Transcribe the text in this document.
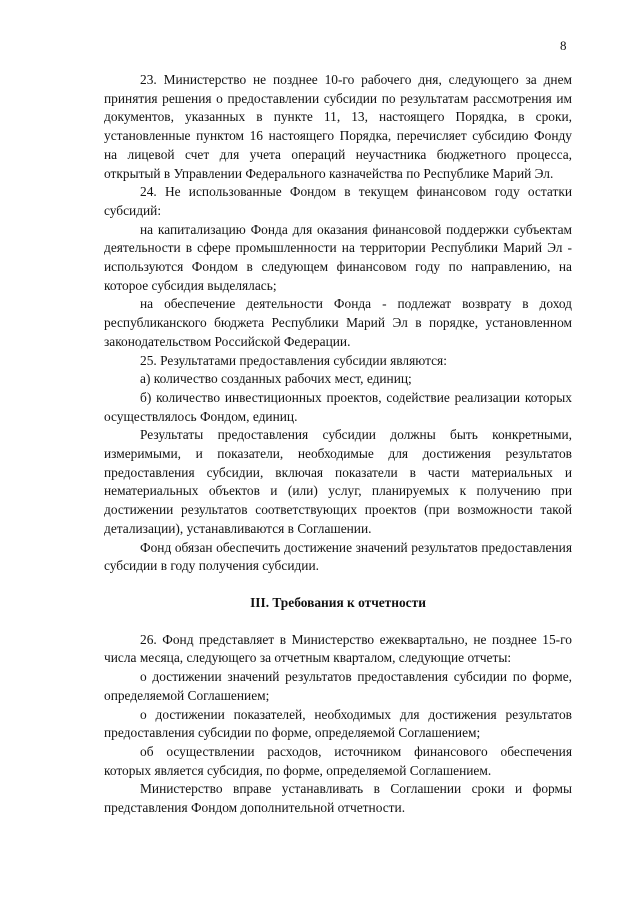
8

23. Министерство не позднее 10-го рабочего дня, следующего за днем принятия решения о предоставлении субсидии по результатам рассмотрения им документов, указанных в пункте 11, 13, настоящего Порядка, в сроки, установленные пунктом 16 настоящего Порядка, перечисляет субсидию Фонду на лицевой счет для учета операций неучастника бюджетного процесса, открытый в Управлении Федерального казначейства по Республике Марий Эл.

24. Не использованные Фондом в текущем финансовом году остатки субсидий:

на капитализацию Фонда для оказания финансовой поддержки субъектам деятельности в сфере промышленности на территории Республики Марий Эл - используются Фондом в следующем финансовом году по направлению, на которое субсидия выделялась;

на обеспечение деятельности Фонда - подлежат возврату в доход республиканского бюджета Республики Марий Эл в порядке, установленном законодательством Российской Федерации.

25. Результатами предоставления субсидии являются:

а) количество созданных рабочих мест, единиц;

б) количество инвестиционных проектов, содействие реализации которых осуществлялось Фондом, единиц.

Результаты предоставления субсидии должны быть конкретными, измеримыми, и показатели, необходимые для достижения результатов предоставления субсидии, включая показатели в части материальных и нематериальных объектов и (или) услуг, планируемых к получению при достижении результатов соответствующих проектов (при возможности такой детализации), устанавливаются в Соглашении.

Фонд обязан обеспечить достижение значений результатов предоставления субсидии в году получения субсидии.

III. Требования к отчетности

26. Фонд представляет в Министерство ежеквартально, не позднее 15-го числа месяца, следующего за отчетным кварталом, следующие отчеты:

о достижении значений результатов предоставления субсидии по форме, определяемой Соглашением;

о достижении показателей, необходимых для достижения результатов предоставления субсидии по форме, определяемой Соглашением;

об осуществлении расходов, источником финансового обеспечения которых является субсидия, по форме, определяемой Соглашением.

Министерство вправе устанавливать в Соглашении сроки и формы представления Фондом дополнительной отчетности.
